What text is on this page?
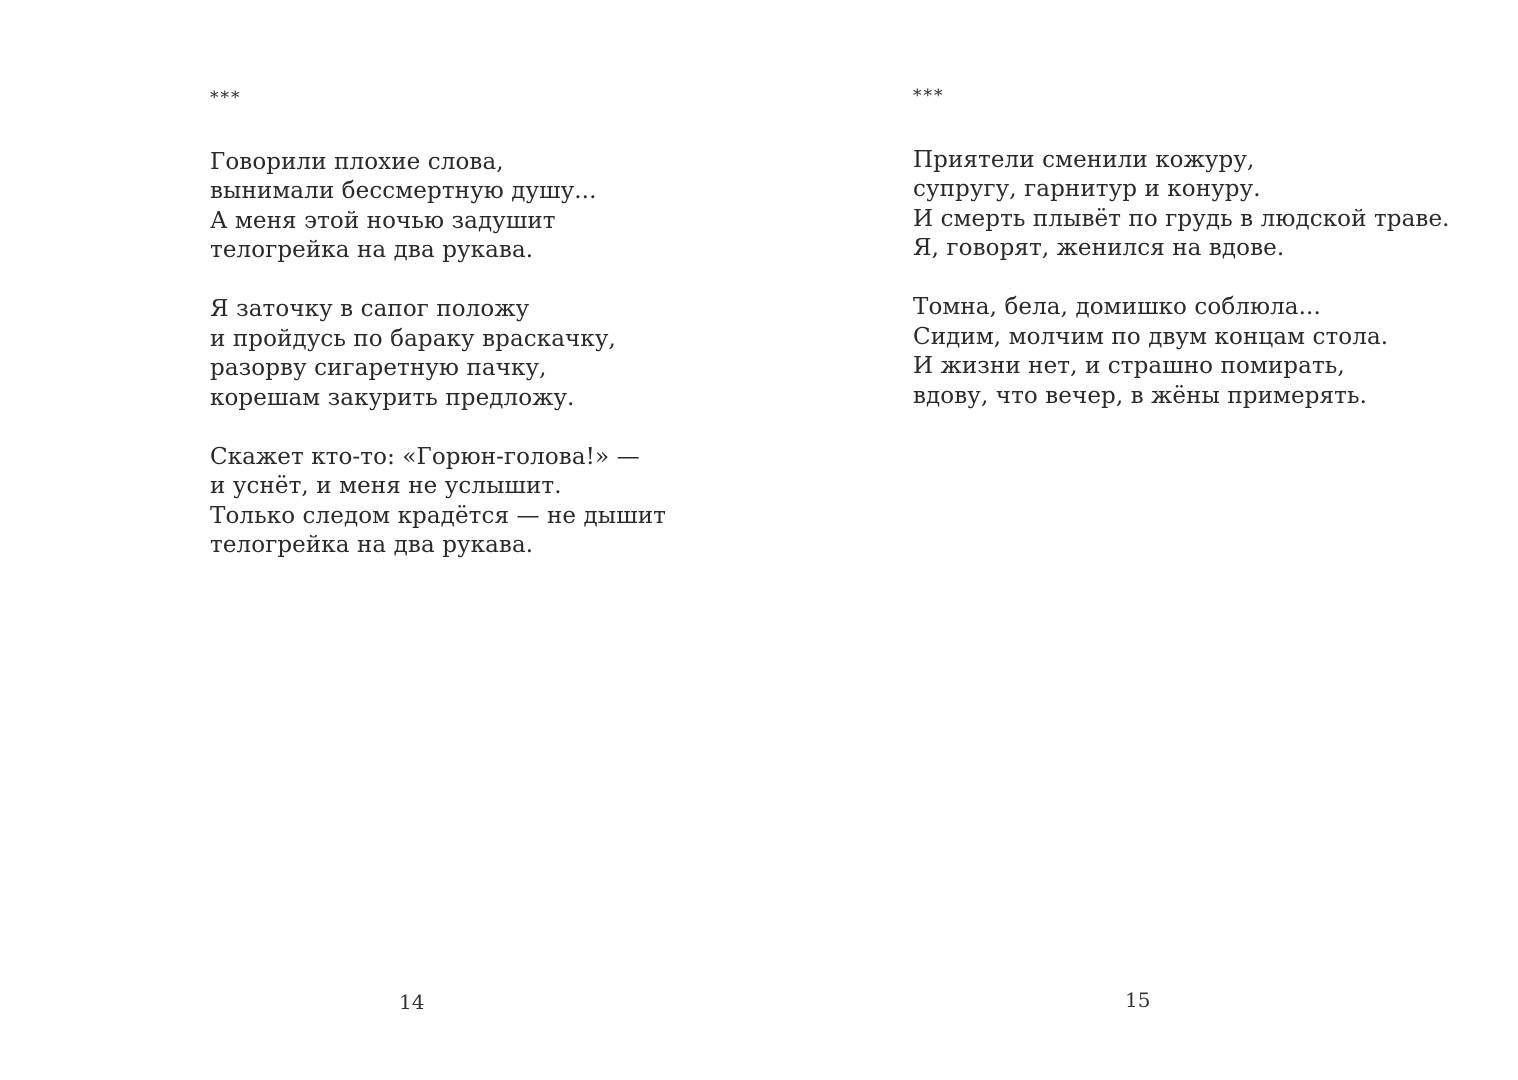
***
Говорили плохие слова,
вынимали бессмертную душу...
А меня этой ночью задушит
телогрейка на два рукава.
Я заточку в сапог положу
и пройдусь по бараку враскачку,
разорву сигаретную пачку,
корешам закурить предложу.
Скажет кто-то: «Горюн-голова!» —
и уснёт, и меня не услышит.
Только следом крадётся — не дышит
телогрейка на два рукава.
14
***
Приятели сменили кожуру,
супругу, гарнитур и конуру.
И смерть плывёт по грудь в людской траве.
Я, говорят, женился на вдове.
Томна, бела, домишко соблюла...
Сидим, молчим по двум концам стола.
И жизни нет, и страшно помирать,
вдову, что вечер, в жёны примерять.
15
